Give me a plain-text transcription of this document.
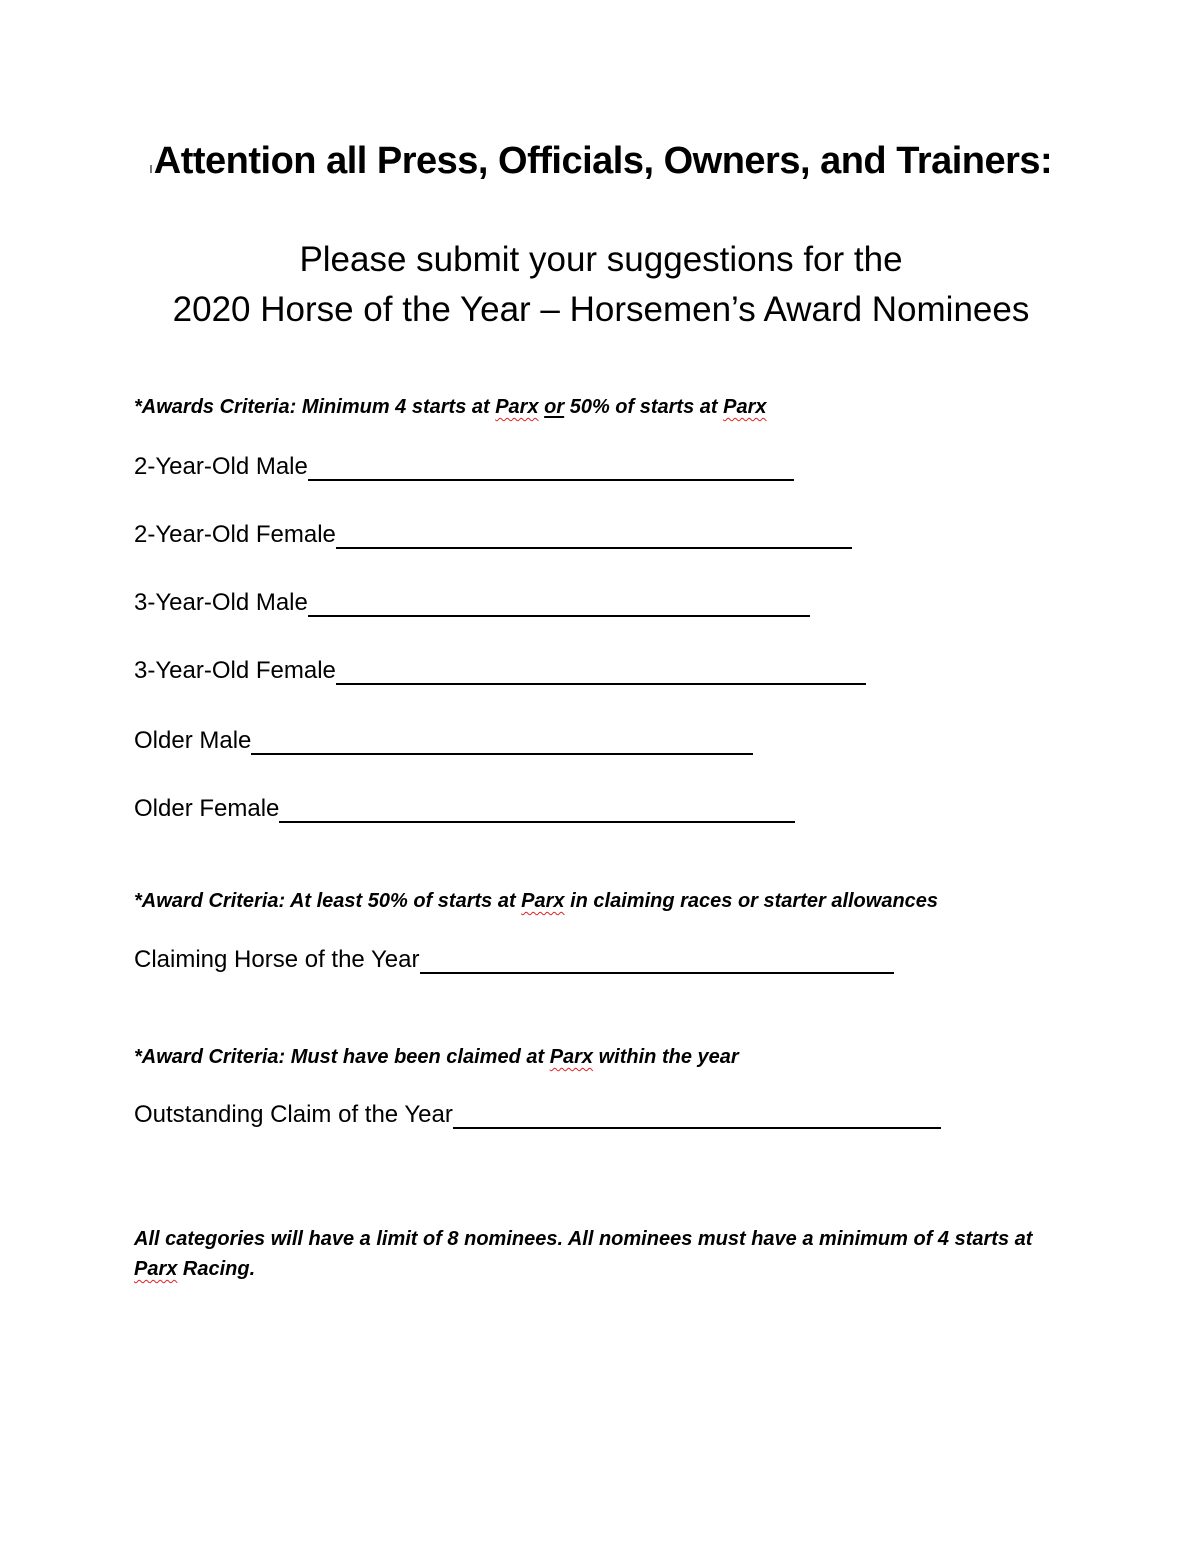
Attention all Press, Officials, Owners, and Trainers:
Please submit your suggestions for the
2020 Horse of the Year – Horsemen’s Award Nominees
*Awards Criteria: Minimum 4 starts at Parx or 50% of starts at Parx
2-Year-Old Male
2-Year-Old Female
3-Year-Old Male
3-Year-Old Female
Older Male
Older Female
*Award Criteria: At least 50% of starts at Parx in claiming races or starter allowances
Claiming Horse of the Year
*Award Criteria: Must have been claimed at Parx within the year
Outstanding Claim of the Year
All categories will have a limit of 8 nominees. All nominees must have a minimum of 4 starts at Parx Racing.
